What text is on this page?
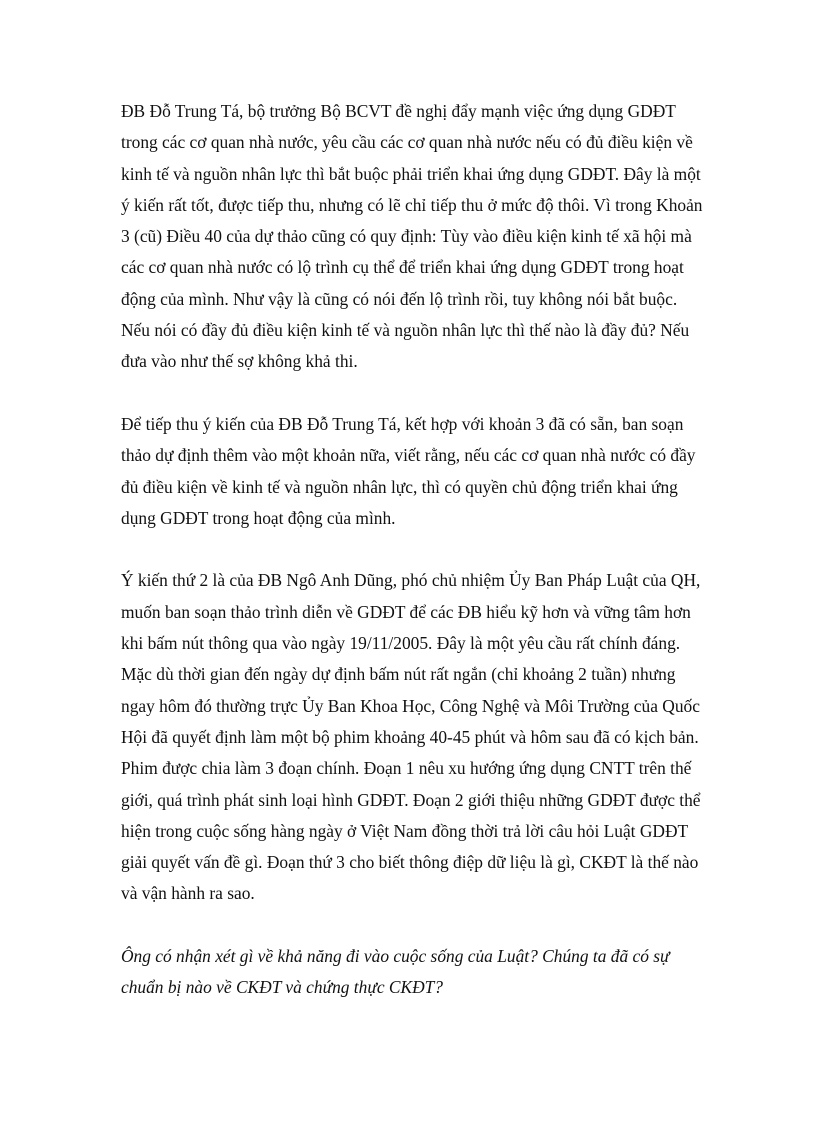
ĐB Đỗ Trung Tá, bộ trưởng Bộ BCVT đề nghị đẩy mạnh việc ứng dụng GDĐT trong các cơ quan nhà nước, yêu cầu các cơ quan nhà nước nếu có đủ điều kiện về kinh tế và nguồn nhân lực thì bắt buộc phải triển khai ứng dụng GDĐT. Đây là một ý kiến rất tốt, được tiếp thu, nhưng có lẽ chỉ tiếp thu ở mức độ thôi. Vì trong Khoản 3 (cũ) Điều 40 của dự thảo cũng có quy định: Tùy vào điều kiện kinh tế xã hội mà các cơ quan nhà nước có lộ trình cụ thể để triển khai ứng dụng GDĐT trong hoạt động của mình. Như vậy là cũng có nói đến lộ trình rồi, tuy không nói bắt buộc. Nếu nói có đầy đủ điều kiện kinh tế và nguồn nhân lực thì thế nào là đầy đủ? Nếu đưa vào như thế sợ không khả thi.

Để tiếp thu ý kiến của ĐB Đỗ Trung Tá, kết hợp với khoản 3 đã có sẵn, ban soạn thảo dự định thêm vào một khoản nữa, viết rằng, nếu các cơ quan nhà nước có đầy đủ điều kiện về kinh tế và nguồn nhân lực, thì có quyền chủ động triển khai ứng dụng GDĐT trong hoạt động của mình.

Ý kiến thứ 2 là của ĐB Ngô Anh Dũng, phó chủ nhiệm Ủy Ban Pháp Luật của QH, muốn ban soạn thảo trình diễn về GDĐT để các ĐB hiểu kỹ hơn và vững tâm hơn khi bấm nút thông qua vào ngày 19/11/2005. Đây là một yêu cầu rất chính đáng. Mặc dù thời gian đến ngày dự định bấm nút rất ngắn (chỉ khoảng 2 tuần) nhưng ngay hôm đó thường trực Ủy Ban Khoa Học, Công Nghệ và Môi Trường của Quốc Hội đã quyết định làm một bộ phim khoảng 40-45 phút và hôm sau đã có kịch bản. Phim được chia làm 3 đoạn chính. Đoạn 1 nêu xu hướng ứng dụng CNTT trên thế giới, quá trình phát sinh loại hình GDĐT. Đoạn 2 giới thiệu những GDĐT được thể hiện trong cuộc sống hàng ngày ở Việt Nam đồng thời trả lời câu hỏi Luật GDĐT giải quyết vấn đề gì. Đoạn thứ 3 cho biết thông điệp dữ liệu là gì, CKĐT là thế nào và vận hành ra sao.

Ông có nhận xét gì về khả năng đi vào cuộc sống của Luật? Chúng ta đã có sự chuẩn bị nào về CKĐT và chứng thực CKĐT?
